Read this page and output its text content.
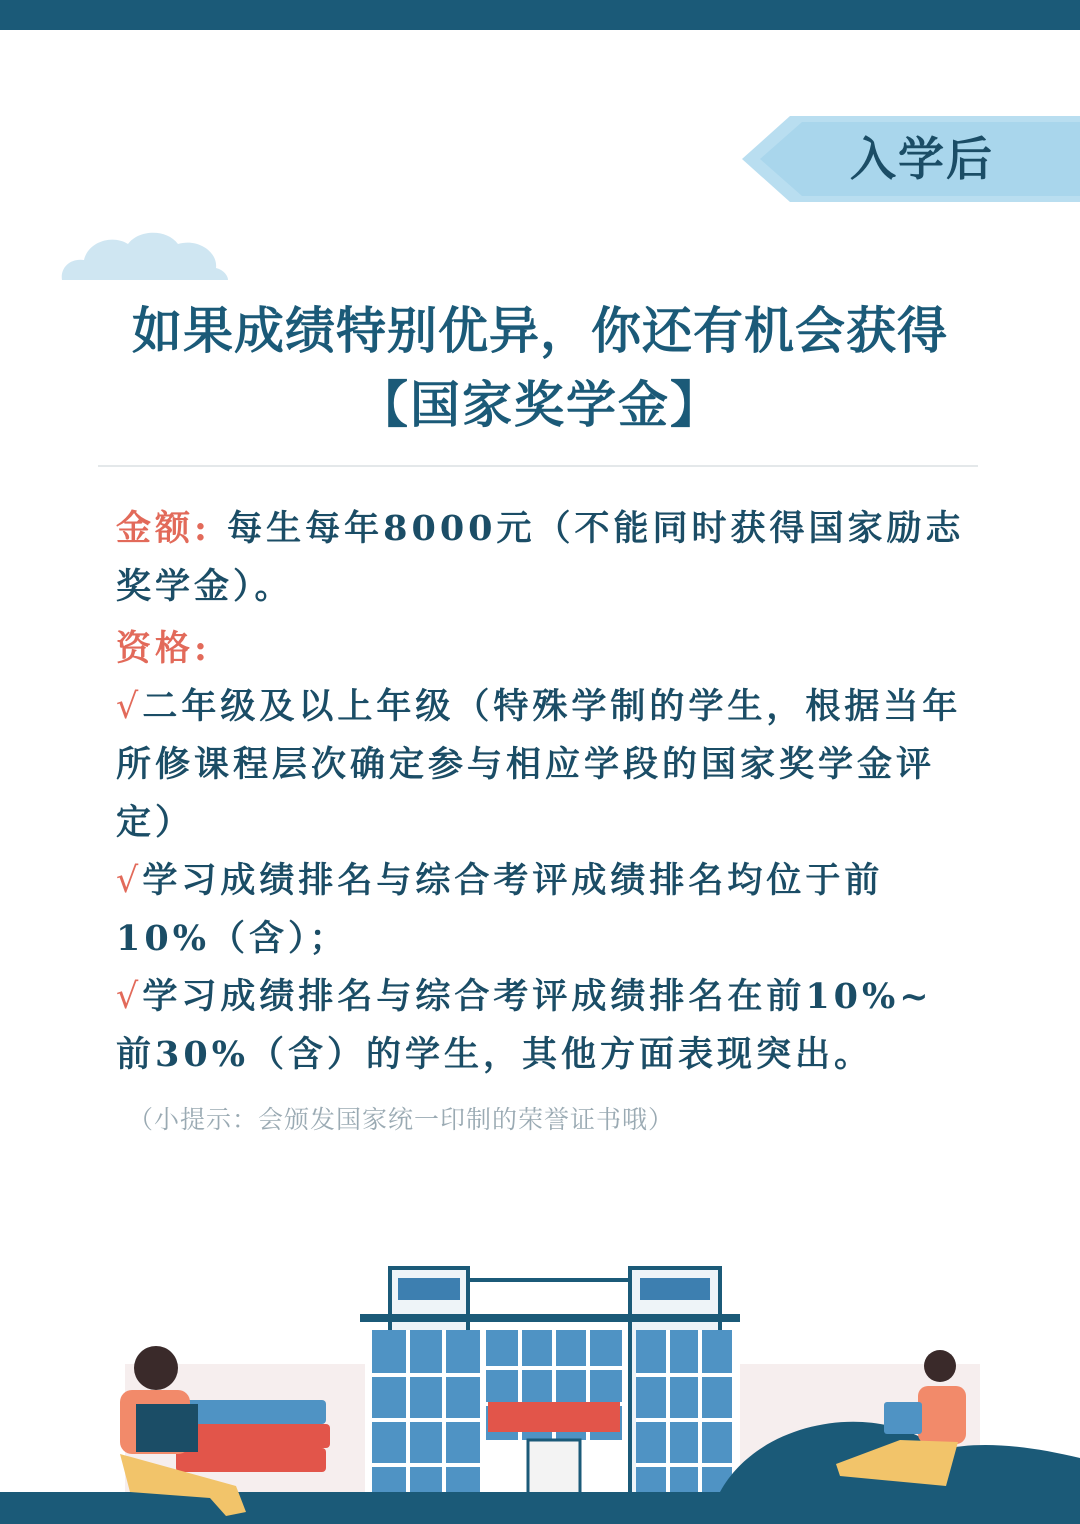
入学后
如果成绩特别优异，你还有机会获得
【国家奖学金】

金额: 每生每年8000元（不能同时获得国家励志奖学金）。

资格:

√二年级及以上年级（特殊学制的学生，根据当年所修课程层次确定参与相应学段的国家奖学金评定）

√学习成绩排名与综合考评成绩排名均位于前10%（含）；

√学习成绩排名与综合考评成绩排名在前10%~前30%（含）的学生，其他方面表现突出。

（小提示：会颁发国家统一印制的荣誉证书哦）
